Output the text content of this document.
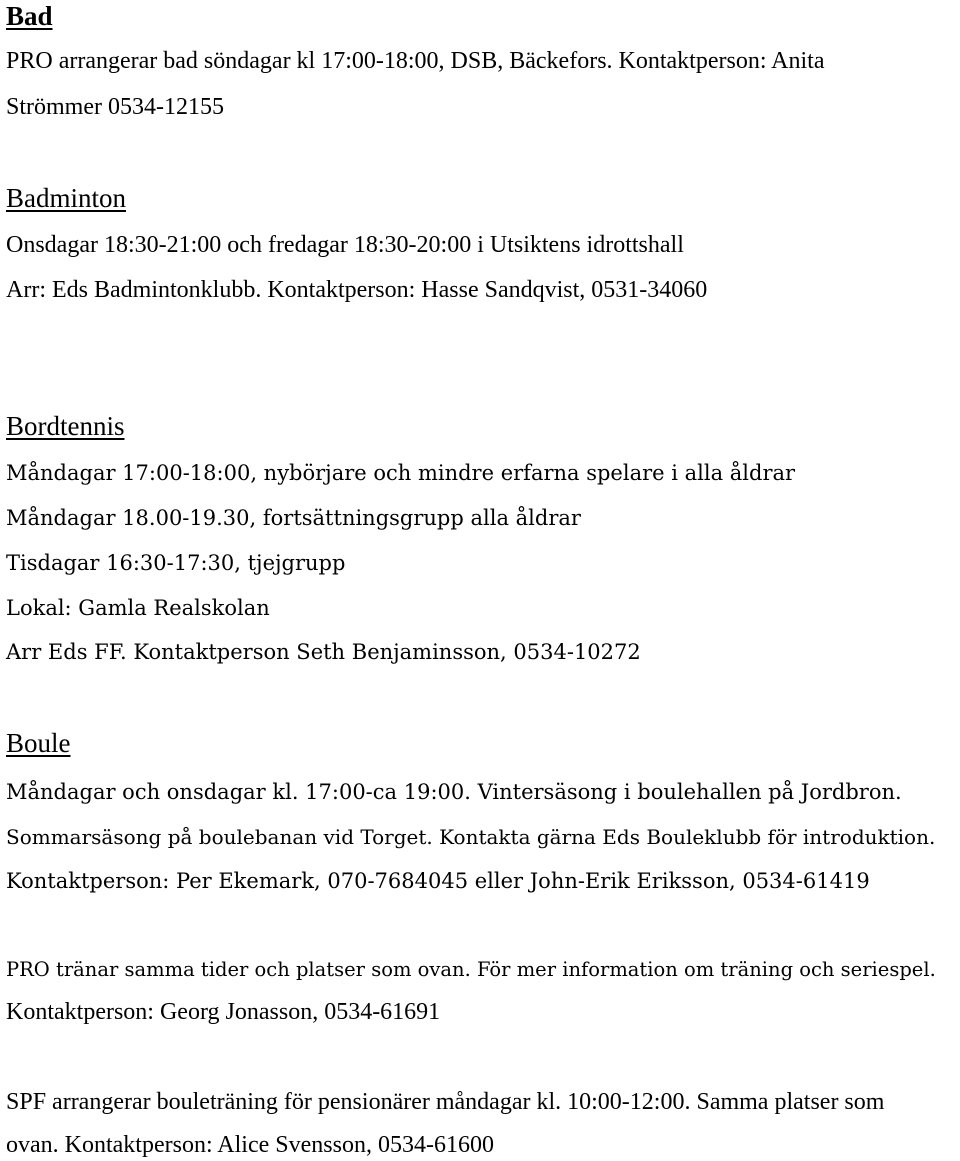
Bad

PRO arrangerar bad söndagar kl 17:00-18:00, DSB, Bäckefors. Kontaktperson: Anita

Strömmer 0534-12155

Badminton

Onsdagar 18:30-21:00 och fredagar 18:30-20:00 i Utsiktens idrottshall

Arr: Eds Badmintonklubb. Kontaktperson: Hasse Sandqvist, 0531-34060

Bordtennis

Måndagar 17:00-18:00, nybörjare och mindre erfarna spelare i alla åldrar

Måndagar 18.00-19.30, fortsättningsgrupp alla åldrar

Tisdagar 16:30-17:30, tjejgrupp

Lokal: Gamla Realskolan

Arr Eds FF. Kontaktperson Seth Benjaminsson, 0534-10272

Boule

Måndagar och onsdagar kl. 17:00-ca 19:00. Vintersäsong i boulehallen på Jordbron.

Sommarsäsong på boulebanan vid Torget. Kontakta gärna Eds Bouleklubb för introduktion.

Kontaktperson: Per Ekemark, 070-7684045 eller John-Erik Eriksson, 0534-61419

PRO tränar samma tider och platser som ovan. För mer information om träning och seriespel.

Kontaktperson: Georg Jonasson, 0534-61691

SPF arrangerar bouleträning för pensionärer måndagar kl. 10:00-12:00. Samma platser som

ovan. Kontaktperson: Alice Svensson, 0534-61600
